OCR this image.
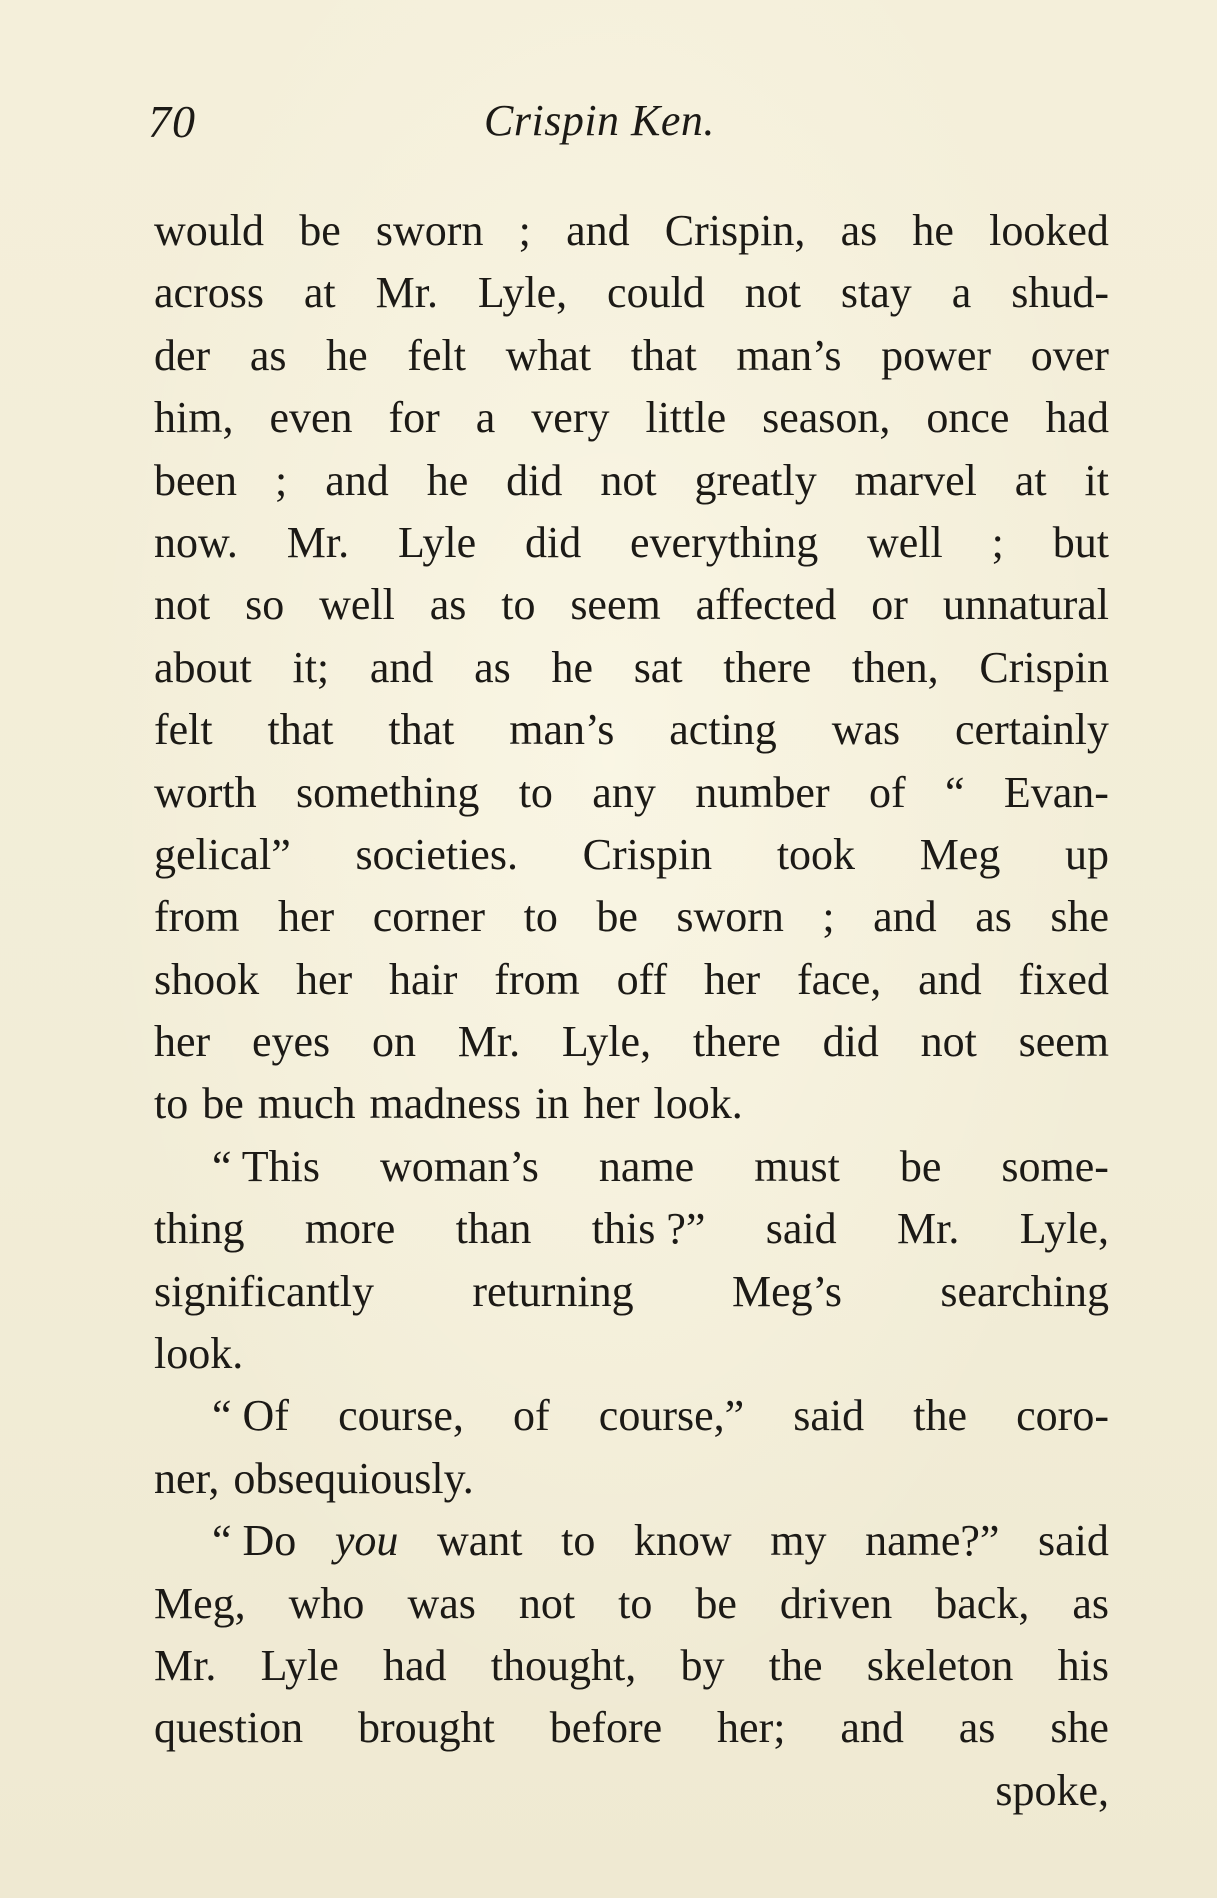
70	Crispin Ken.
would be sworn ; and Crispin, as he looked
across at Mr. Lyle, could not stay a shud-
der as he felt what that man’s power over
him, even for a very little season, once had
been ; and he did not greatly marvel at it
now. Mr. Lyle did everything well ; but
not so well as to seem affected or unnatural
about it; and as he sat there then, Crispin
felt that that man’s acting was certainly
worth something to any number of “ Evan-
gelical” societies. Crispin took Meg up
from her corner to be sworn ; and as she
shook her hair from off her face, and fixed
her eyes on Mr. Lyle, there did not seem
to be much madness in her look.
“ This woman’s name must be some-
thing more than this ?” said Mr. Lyle,
significantly returning Meg’s searching
look.
“ Of course, of course,” said the coro-
ner, obsequiously.
“ Do you want to know my name?” said
Meg, who was not to be driven back, as
Mr. Lyle had thought, by the skeleton his
question brought before her; and as she
spoke,
